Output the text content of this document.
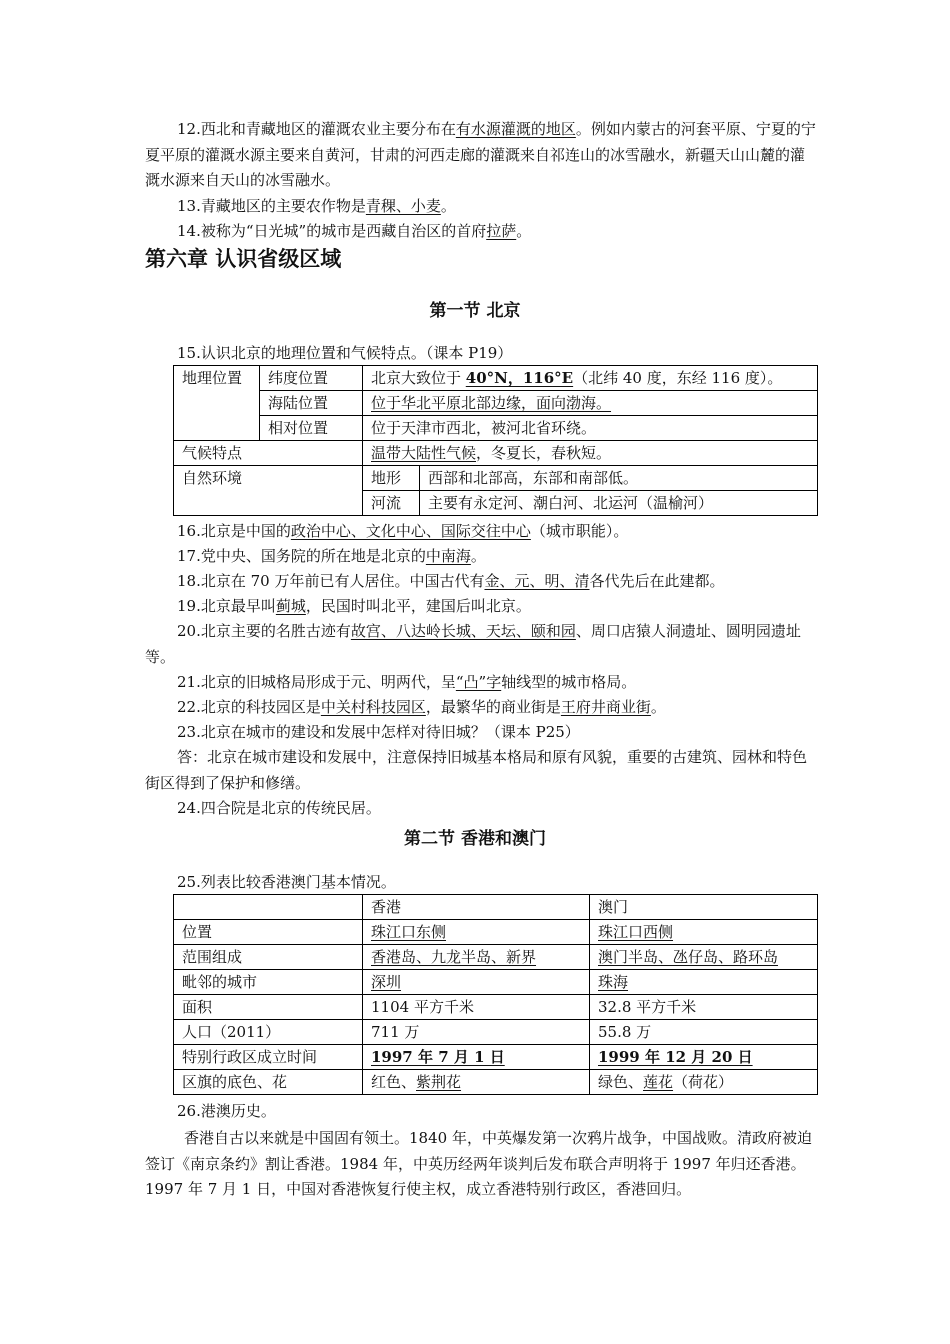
12.西北和青藏地区的灌溉农业主要分布在有水源灌溉的地区。例如内蒙古的河套平原、宁夏的宁夏平原的灌溉水源主要来自黄河，甘肃的河西走廊的灌溉来自祁连山的冰雪融水，新疆天山山麓的灌溉水源来自天山的冰雪融水。

13.青藏地区的主要农作物是青稞、小麦。

14.被称为“日光城”的城市是西藏自治区的首府拉萨。

第六章 认识省级区域
第一节 北京

15.认识北京的地理位置和气候特点。（课本 P19）

地理位置	纬度位置	北京大致位于 40°N，116°E（北纬 40 度，东经 116 度）。	
	海陆位置	位于华北平原北部边缘，面向渤海。	
	相对位置	位于天津市西北，被河北省环绕。	
气候特点		温带大陆性气候，冬夏长，春秋短。	
自然环境		地形	西部和北部高，东部和南部低。
		河流	主要有永定河、潮白河、北运河（温榆河）

16.北京是中国的政治中心、文化中心、国际交往中心（城市职能）。

17.党中央、国务院的所在地是北京的中南海。

18.北京在 70 万年前已有人居住。中国古代有金、元、明、清各代先后在此建都。

19.北京最早叫蓟城，民国时叫北平，建国后叫北京。

20.北京主要的名胜古迹有故宫、八达岭长城、天坛、颐和园、周口店猿人洞遗址、圆明园遗址等。

21.北京的旧城格局形成于元、明两代，呈“凸”字轴线型的城市格局。

22.北京的科技园区是中关村科技园区，最繁华的商业街是王府井商业街。

23.北京在城市的建设和发展中怎样对待旧城？（课本 P25）

答：北京在城市建设和发展中，注意保持旧城基本格局和原有风貌，重要的古建筑、园林和特色街区得到了保护和修缮。

24.四合院是北京的传统民居。

第二节 香港和澳门

25.列表比较香港澳门基本情况。

	香港	澳门
位置	珠江口东侧	珠江口西侧
范围组成	香港岛、九龙半岛、新界	澳门半岛、氹仔岛、路环岛
毗邻的城市	深圳	珠海
面积	1104 平方千米	32.8 平方千米
人口（2011）	711 万	55.8 万
特别行政区成立时间	1997 年 7 月 1 日	1999 年 12 月 20 日
区旗的底色、花	红色、紫荆花	绿色、莲花（荷花）

26.港澳历史。

香港自古以来就是中国固有领土。1840 年，中英爆发第一次鸦片战争，中国战败。清政府被迫签订《南京条约》割让香港。1984 年，中英历经两年谈判后发布联合声明将于 1997 年归还香港。1997 年 7 月 1 日，中国对香港恢复行使主权，成立香港特别行政区，香港回归。
